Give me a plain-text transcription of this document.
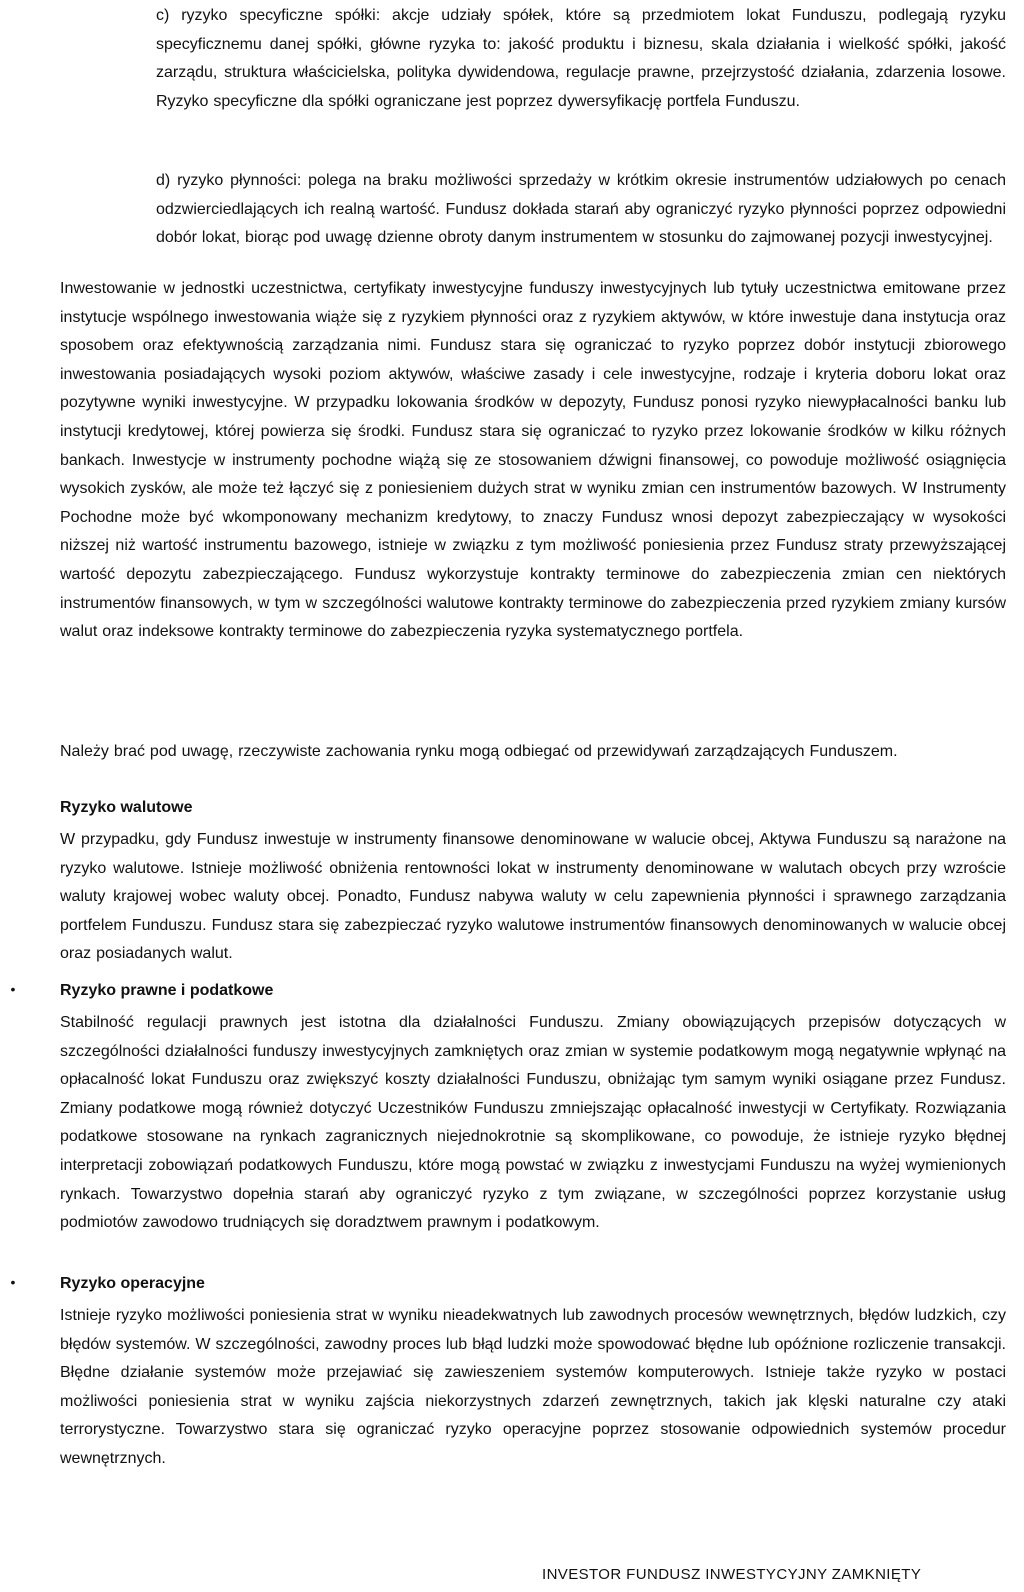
c) ryzyko specyficzne spółki: akcje udziały spółek, które są przedmiotem lokat Funduszu, podlegają ryzyku specyficznemu danej spółki, główne ryzyka to: jakość produktu i biznesu, skala działania i wielkość spółki, jakość zarządu, struktura właścicielska, polityka dywidendowa, regulacje prawne, przejrzystość działania, zdarzenia losowe. Ryzyko specyficzne dla spółki ograniczane jest poprzez dywersyfikację portfela Funduszu.

d) ryzyko płynności: polega na braku możliwości sprzedaży w krótkim okresie instrumentów udziałowych po cenach odzwierciedlających ich realną wartość. Fundusz dokłada starań aby ograniczyć ryzyko płynności poprzez odpowiedni dobór lokat, biorąc pod uwagę dzienne obroty danym instrumentem w stosunku do zajmowanej pozycji inwestycyjnej.

Inwestowanie w jednostki uczestnictwa, certyfikaty inwestycyjne funduszy inwestycyjnych lub tytuły uczestnictwa emitowane przez instytucje wspólnego inwestowania wiąże się z ryzykiem płynności oraz z ryzykiem aktywów, w które inwestuje dana instytucja oraz sposobem oraz efektywnością zarządzania nimi. Fundusz stara się ograniczać to ryzyko poprzez dobór instytucji zbiorowego inwestowania posiadających wysoki poziom aktywów, właściwe zasady i cele inwestycyjne, rodzaje i kryteria doboru lokat oraz pozytywne wyniki inwestycyjne. W przypadku lokowania środków w depozyty, Fundusz ponosi ryzyko niewypłacalności banku lub instytucji kredytowej, której powierza się środki. Fundusz stara się ograniczać to ryzyko przez lokowanie środków w kilku różnych bankach. Inwestycje w instrumenty pochodne wiążą się ze stosowaniem dźwigni finansowej, co powoduje możliwość osiągnięcia wysokich zysków, ale może też łączyć się z poniesieniem dużych strat w wyniku zmian cen instrumentów bazowych. W Instrumenty Pochodne może być wkomponowany mechanizm kredytowy, to znaczy Fundusz wnosi depozyt zabezpieczający w wysokości niższej niż wartość instrumentu bazowego, istnieje w związku z tym możliwość poniesienia przez Fundusz straty przewyższającej wartość depozytu zabezpieczającego. Fundusz wykorzystuje kontrakty terminowe do zabezpieczenia zmian cen niektórych instrumentów finansowych, w tym w szczególności walutowe kontrakty terminowe do zabezpieczenia przed ryzykiem zmiany kursów walut oraz indeksowe kontrakty terminowe do zabezpieczenia ryzyka systematycznego portfela.

Należy brać pod uwagę, rzeczywiste zachowania rynku mogą odbiegać od przewidywań zarządzających Funduszem.

Ryzyko walutowe

W przypadku, gdy Fundusz inwestuje w instrumenty finansowe denominowane w walucie obcej, Aktywa Funduszu są narażone na ryzyko walutowe. Istnieje możliwość obniżenia rentowności lokat w instrumenty denominowane w walutach obcych przy wzroście waluty krajowej wobec waluty obcej. Ponadto, Fundusz nabywa waluty w celu zapewnienia płynności i sprawnego zarządzania portfelem Funduszu. Fundusz stara się zabezpieczać ryzyko walutowe instrumentów finansowych denominowanych w walucie obcej oraz posiadanych walut.

•	Ryzyko prawne i podatkowe

Stabilność regulacji prawnych jest istotna dla działalności Funduszu. Zmiany obowiązujących przepisów dotyczących w szczególności działalności funduszy inwestycyjnych zamkniętych oraz zmian w systemie podatkowym mogą negatywnie wpłynąć na opłacalność lokat Funduszu oraz zwiększyć koszty działalności Funduszu, obniżając tym samym wyniki osiągane przez Fundusz. Zmiany podatkowe mogą również dotyczyć Uczestników Funduszu zmniejszając opłacalność inwestycji w Certyfikaty. Rozwiązania podatkowe stosowane na rynkach zagranicznych niejednokrotnie są skomplikowane, co powoduje, że istnieje ryzyko błędnej interpretacji zobowiązań podatkowych Funduszu, które mogą powstać w związku z inwestycjami Funduszu na wyżej wymienionych rynkach. Towarzystwo dopełnia starań aby ograniczyć ryzyko z tym związane, w szczególności poprzez korzystanie usług podmiotów zawodowo trudniących się doradztwem prawnym i podatkowym.

•	Ryzyko operacyjne

Istnieje ryzyko możliwości poniesienia strat w wyniku nieadekwatnych lub zawodnych procesów wewnętrznych, błędów ludzkich, czy błędów systemów. W szczególności, zawodny proces lub błąd ludzki może spowodować błędne lub opóźnione rozliczenie transakcji. Błędne działanie systemów może przejawiać się zawieszeniem systemów komputerowych. Istnieje także ryzyko w postaci możliwości poniesienia strat w wyniku zajścia niekorzystnych zdarzeń zewnętrznych, takich jak klęski naturalne czy ataki terrorystyczne. Towarzystwo stara się ograniczać ryzyko operacyjne poprzez stosowanie odpowiednich systemów procedur wewnętrznych.

INVESTOR FUNDUSZ INWESTYCYJNY ZAMKNIĘTY
